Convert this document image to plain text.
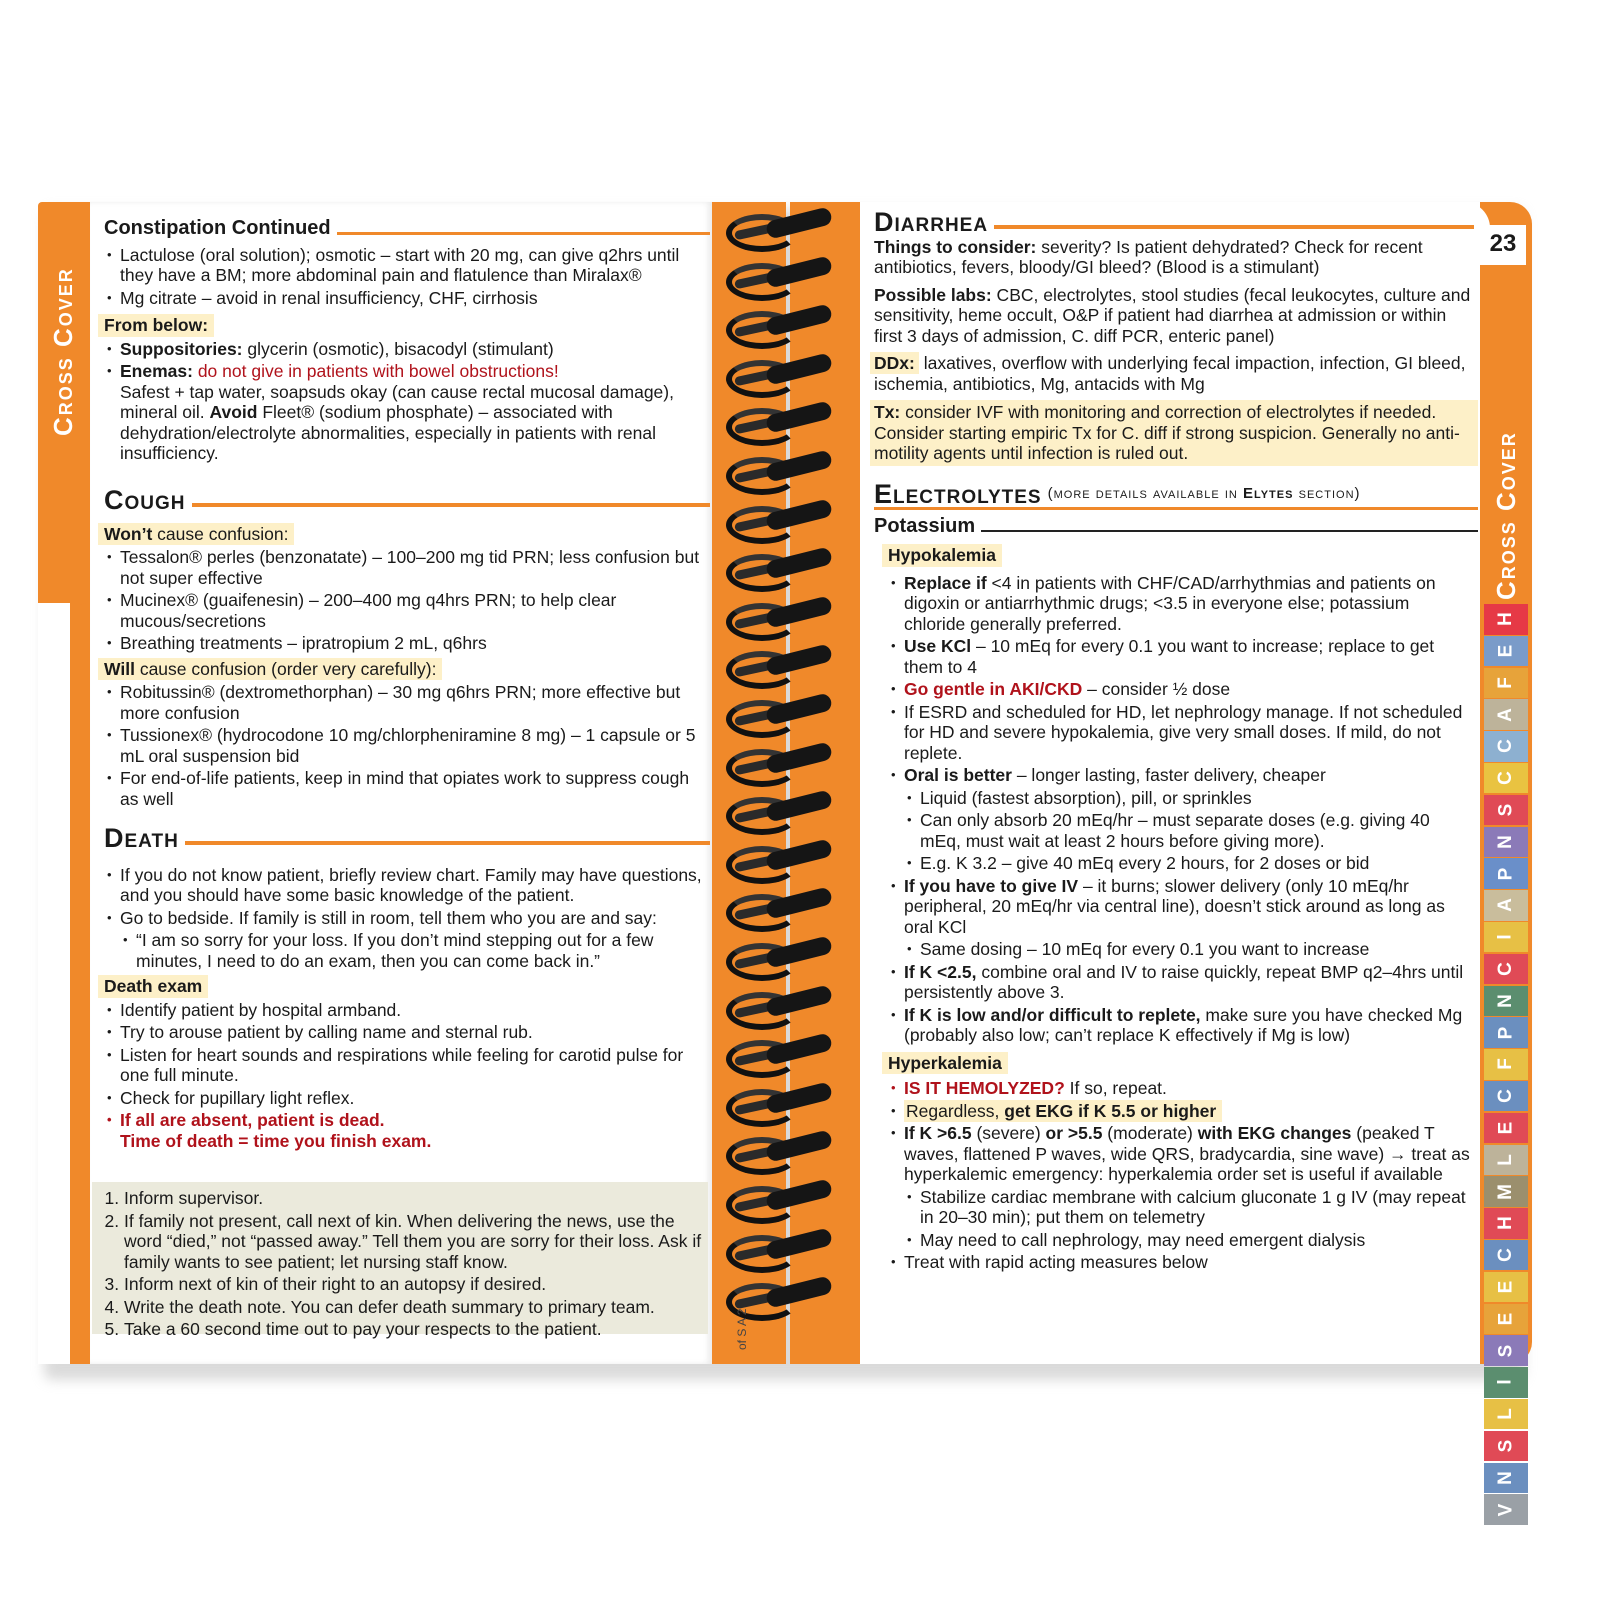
Cross Cover
23
Cross Cover
H
E
F
A
C
C
S
N
P
A
I
C
N
P
F
C
E
L
M
H
C
E
E
S
I
L
S
N
V
of S A 2
Constipation Continued
• Lactulose (oral solution); osmotic – start with 20 mg, can give q2hrs until they have a BM; more abdominal pain and flatulence than Miralax®
• Mg citrate – avoid in renal insufficiency, CHF, cirrhosis
From below:
• Suppositories: glycerin (osmotic), bisacodyl (stimulant)
• Enemas: do not give in patients with bowel obstructions!
Safest + tap water, soapsuds okay (can cause rectal mucosal damage), mineral oil. Avoid Fleet® (sodium phosphate) – associated with dehydration/electrolyte abnormalities, especially in patients with renal insufficiency.
Cough
Won’t cause confusion:
• Tessalon® perles (benzonatate) – 100–200 mg tid PRN; less confusion but not super effective
• Mucinex® (guaifenesin) – 200–400 mg q4hrs PRN; to help clear mucous/secretions
• Breathing treatments – ipratropium 2 mL, q6hrs
Will cause confusion (order very carefully):
• Robitussin® (dextromethorphan) – 30 mg q6hrs PRN; more effective but more confusion
• Tussionex® (hydrocodone 10 mg/chlorpheniramine 8 mg) – 1 capsule or 5 mL oral suspension bid
• For end-of-life patients, keep in mind that opiates work to suppress cough as well
Death
• If you do not know patient, briefly review chart. Family may have questions, and you should have some basic knowledge of the patient.
• Go to bedside. If family is still in room, tell them who you are and say:
• “I am so sorry for your loss. If you don’t mind stepping out for a few minutes, I need to do an exam, then you can come back in.”
Death exam
• Identify patient by hospital armband.
• Try to arouse patient by calling name and sternal rub.
• Listen for heart sounds and respirations while feeling for carotid pulse for one full minute.
• Check for pupillary light reflex.
• If all are absent, patient is dead.
Time of death = time you finish exam.
1. Inform supervisor.
2. If family not present, call next of kin. When delivering the news, use the word “died,” not “passed away.” Tell them you are sorry for their loss. Ask if family wants to see patient; let nursing staff know.
3. Inform next of kin of their right to an autopsy if desired.
4. Write the death note. You can defer death summary to primary team.
5. Take a 60 second time out to pay your respects to the patient.
Diarrhea

Things to consider: severity? Is patient dehydrated? Check for recent antibiotics, fevers, bloody/GI bleed? (Blood is a stimulant)

Possible labs: CBC, electrolytes, stool studies (fecal leukocytes, culture and sensitivity, heme occult, O&P if patient had diarrhea at admission or within first 3 days of admission, C. diff PCR, enteric panel)

DDx: laxatives, overflow with underlying fecal impaction, infection, GI bleed, ischemia, antibiotics, Mg, antacids with Mg

Tx: consider IVF with monitoring and correction of electrolytes if needed. Consider starting empiric Tx for C. diff if strong suspicion. Generally no anti-motility agents until infection is ruled out.

Electrolytes (more details available in Elytes section)
Potassium
Hypokalemia
• Replace if <4 in patients with CHF/CAD/arrhythmias and patients on digoxin or antiarrhythmic drugs; <3.5 in everyone else; potassium chloride generally preferred.
• Use KCl – 10 mEq for every 0.1 you want to increase; replace to get them to 4
• Go gentle in AKI/CKD – consider ½ dose
• If ESRD and scheduled for HD, let nephrology manage. If not scheduled for HD and severe hypokalemia, give very small doses. If mild, do not replete.
• Oral is better – longer lasting, faster delivery, cheaper
• Liquid (fastest absorption), pill, or sprinkles
• Can only absorb 20 mEq/hr – must separate doses (e.g. giving 40 mEq, must wait at least 2 hours before giving more).
• E.g. K 3.2 – give 40 mEq every 2 hours, for 2 doses or bid
• If you have to give IV – it burns; slower delivery (only 10 mEq/hr peripheral, 20 mEq/hr via central line), doesn’t stick around as long as oral KCl
• Same dosing – 10 mEq for every 0.1 you want to increase
• If K <2.5, combine oral and IV to raise quickly, repeat BMP q2–4hrs until persistently above 3.
• If K is low and/or difficult to replete, make sure you have checked Mg (probably also low; can’t replace K effectively if Mg is low)
Hyperkalemia
• IS IT HEMOLYZED? If so, repeat.
• Regardless, get EKG if K 5.5 or higher
• If K >6.5 (severe) or >5.5 (moderate) with EKG changes (peaked T waves, flattened P waves, wide QRS, bradycardia, sine wave) → treat as hyperkalemic emergency: hyperkalemia order set is useful if available
• Stabilize cardiac membrane with calcium gluconate 1 g IV (may repeat in 20–30 min); put them on telemetry
• May need to call nephrology, may need emergent dialysis
• Treat with rapid acting measures below
